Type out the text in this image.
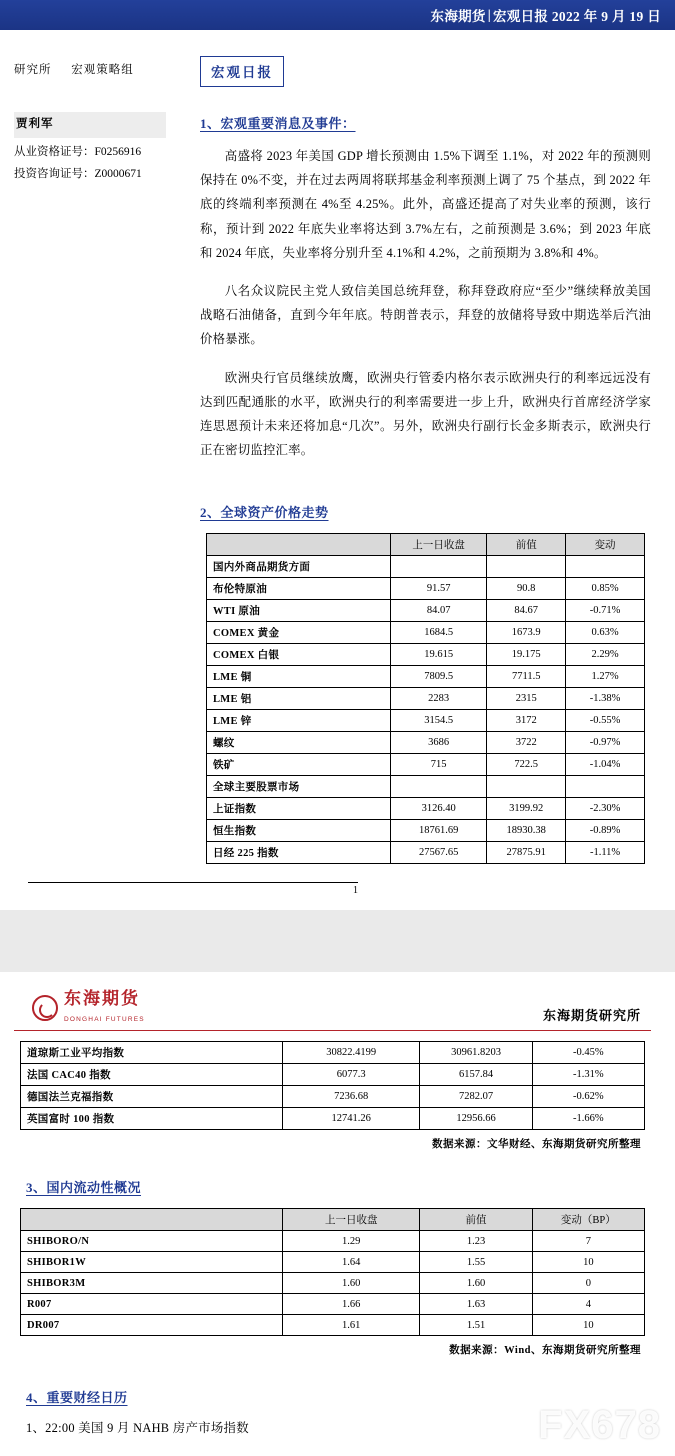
东海期货 | 宏观日报 2022 年 9 月 19 日
研究所 宏观策略组
贾利军
从业资格证号：F0256916
投资咨询证号：Z0000671
宏观日报
1、宏观重要消息及事件：

高盛将 2023 年美国 GDP 增长预测由 1.5%下调至 1.1%，对 2022 年的预测则保持在 0%不变，并在过去两周将联邦基金利率预测上调了 75 个基点，到 2022 年底的终端利率预测在 4%至 4.25%。此外，高盛还提高了对失业率的预测，该行称，预计到 2022 年底失业率将达到 3.7%左右，之前预测是 3.6%；到 2023 年底和 2024 年底，失业率将分别升至 4.1%和 4.2%，之前预期为 3.8%和 4%。

八名众议院民主党人致信美国总统拜登，称拜登政府应“至少”继续释放美国战略石油储备，直到今年年底。特朗普表示，拜登的放储将导致中期选举后汽油价格暴涨。

欧洲央行官员继续放鹰，欧洲央行管委内格尔表示欧洲央行的利率远远没有达到匹配通胀的水平，欧洲央行的利率需要进一步上升，欧洲央行首席经济学家连思恩预计未来还将加息“几次”。另外，欧洲央行副行长金多斯表示，欧洲央行正在密切监控汇率。

2、全球资产价格走势
	上一日收盘	前值	变动
国内外商品期货方面			
布伦特原油	91.57	90.8	0.85%
WTI 原油	84.07	84.67	-0.71%
COMEX 黄金	1684.5	1673.9	0.63%
COMEX 白银	19.615	19.175	2.29%
LME 铜	7809.5	7711.5	1.27%
LME 铝	2283	2315	-1.38%
LME 锌	3154.5	3172	-0.55%
螺纹	3686	3722	-0.97%
铁矿	715	722.5	-1.04%
全球主要股票市场			
上证指数	3126.40	3199.92	-2.30%
恒生指数	18761.69	18930.38	-0.89%
日经 225 指数	27567.65	27875.91	-1.11%
1
东海期货
DONGHAI FUTURES	东海期货研究所
道琼斯工业平均指数	30822.4199	30961.8203	-0.45%
法国 CAC40 指数	6077.3	6157.84	-1.31%
德国法兰克福指数	7236.68	7282.07	-0.62%
英国富时 100 指数	12741.26	12956.66	-1.66%
数据来源：文华财经、东海期货研究所整理
3、国内流动性概况
	上一日收盘	前值	变动（BP）
SHIBORO/N	1.29	1.23	7
SHIBOR1W	1.64	1.55	10
SHIBOR3M	1.60	1.60	0
R007	1.66	1.63	4
DR007	1.61	1.51	10
数据来源：Wind、东海期货研究所整理
4、重要财经日历
1、22:00 美国 9 月 NAHB 房产市场指数	FX678
